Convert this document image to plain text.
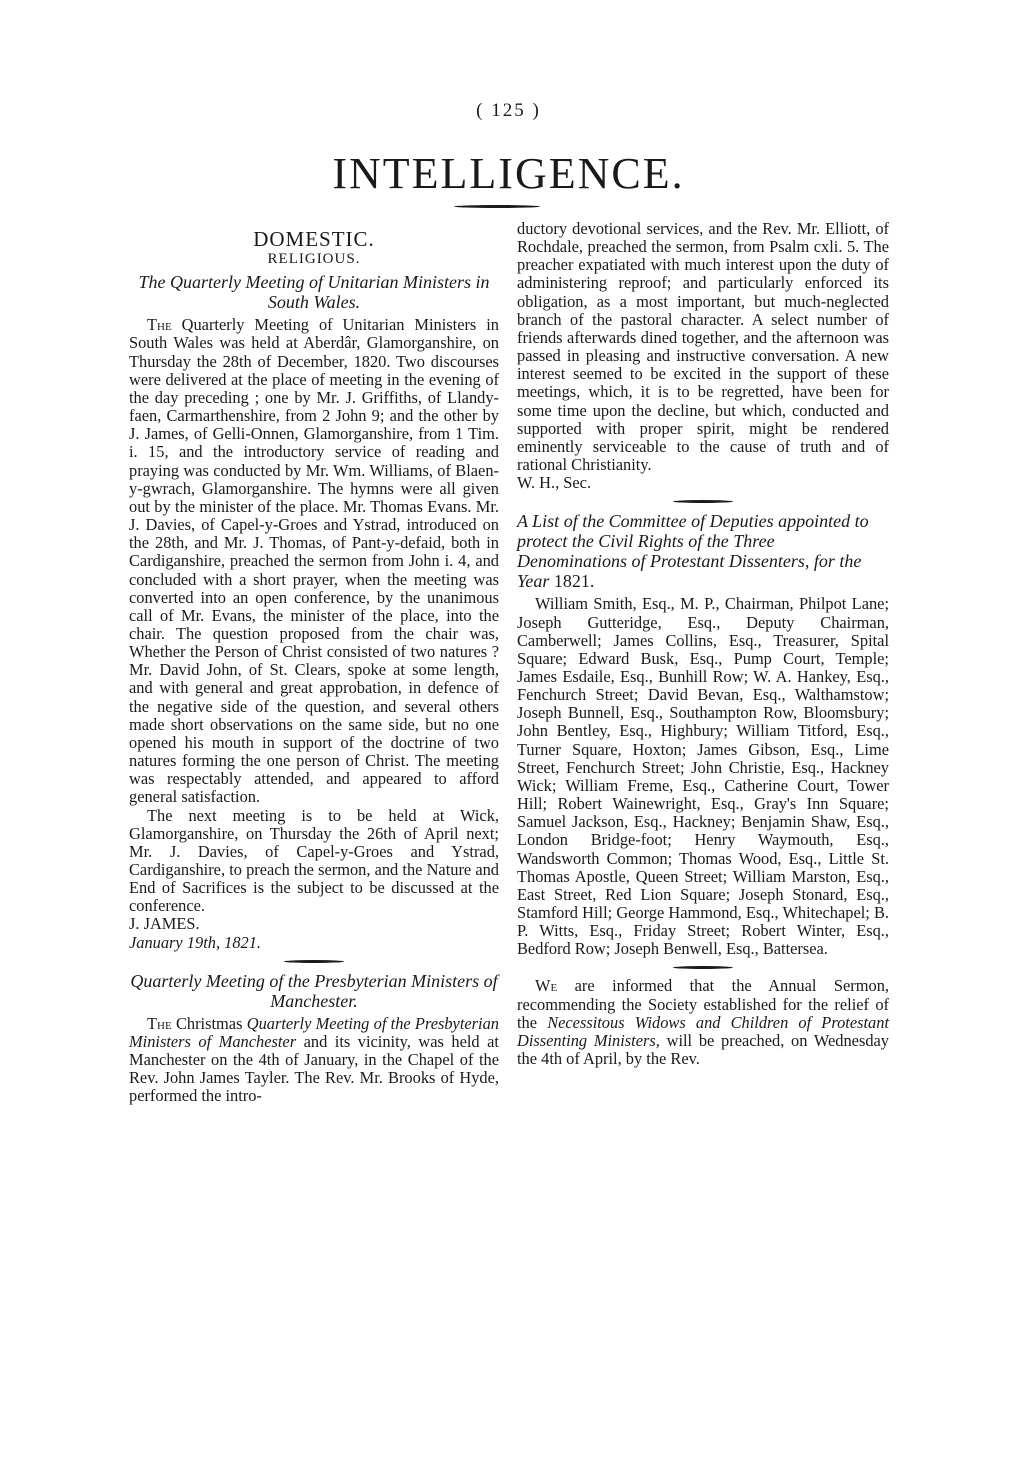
( 125 )
INTELLIGENCE.
DOMESTIC.
RELIGIOUS.
The Quarterly Meeting of Unitarian Ministers in South Wales.

The Quarterly Meeting of Unitarian Ministers in South Wales was held at Aberdâr, Glamorganshire, on Thursday the 28th of December, 1820. Two discourses were delivered at the place of meeting in the evening of the day preceding ; one by Mr. J. Griffiths, of Llandy-faen, Carmarthenshire, from 2 John 9; and the other by J. James, of Gelli-Onnen, Glamorganshire, from 1 Tim. i. 15, and the introductory service of reading and praying was conducted by Mr. Wm. Williams, of Blaen-y-gwrach, Glamorganshire. The hymns were all given out by the minister of the place. Mr. Thomas Evans. Mr. J. Davies, of Capel-y-Groes and Ystrad, introduced on the 28th, and Mr. J. Thomas, of Pant-y-defaid, both in Cardiganshire, preached the sermon from John i. 4, and concluded with a short prayer, when the meeting was converted into an open conference, by the unanimous call of Mr. Evans, the minister of the place, into the chair. The question proposed from the chair was, Whether the Person of Christ consisted of two natures ? Mr. David John, of St. Clears, spoke at some length, and with general and great approbation, in defence of the negative side of the question, and several others made short observations on the same side, but no one opened his mouth in support of the doctrine of two natures forming the one person of Christ. The meeting was respectably attended, and appeared to afford general satisfaction.

The next meeting is to be held at Wick, Glamorganshire, on Thursday the 26th of April next; Mr. J. Davies, of Capel-y-Groes and Ystrad, Cardiganshire, to preach the sermon, and the Nature and End of Sacrifices is the subject to be discussed at the conference.

J. JAMES.

January 19th, 1821.

Quarterly Meeting of the Presbyterian Ministers of Manchester.

The Christmas Quarterly Meeting of the Presbyterian Ministers of Manchester and its vicinity, was held at Manchester on the 4th of January, in the Chapel of the Rev. John James Tayler. The Rev. Mr. Brooks of Hyde, performed the intro-

ductory devotional services, and the Rev. Mr. Elliott, of Rochdale, preached the sermon, from Psalm cxli. 5. The preacher expatiated with much interest upon the duty of administering reproof; and particularly enforced its obligation, as a most important, but much-neglected branch of the pastoral character. A select number of friends afterwards dined together, and the afternoon was passed in pleasing and instructive conversation. A new interest seemed to be excited in the support of these meetings, which, it is to be regretted, have been for some time upon the decline, but which, conducted and supported with proper spirit, might be rendered eminently serviceable to the cause of truth and of rational Christianity.

W. H., Sec.

A List of the Committee of Deputies appointed to protect the Civil Rights of the Three Denominations of Protestant Dissenters, for the Year 1821.

William Smith, Esq., M. P., Chairman, Philpot Lane; Joseph Gutteridge, Esq., Deputy Chairman, Camberwell; James Collins, Esq., Treasurer, Spital Square; Edward Busk, Esq., Pump Court, Temple; James Esdaile, Esq., Bunhill Row; W. A. Hankey, Esq., Fenchurch Street; David Bevan, Esq., Walthamstow; Joseph Bunnell, Esq., Southampton Row, Bloomsbury; John Bentley, Esq., Highbury; William Titford, Esq., Turner Square, Hoxton; James Gibson, Esq., Lime Street, Fenchurch Street; John Christie, Esq., Hackney Wick; William Freme, Esq., Catherine Court, Tower Hill; Robert Wainewright, Esq., Gray's Inn Square; Samuel Jackson, Esq., Hackney; Benjamin Shaw, Esq., London Bridge-foot; Henry Waymouth, Esq., Wandsworth Common; Thomas Wood, Esq., Little St. Thomas Apostle, Queen Street; William Marston, Esq., East Street, Red Lion Square; Joseph Stonard, Esq., Stamford Hill; George Hammond, Esq., Whitechapel; B. P. Witts, Esq., Friday Street; Robert Winter, Esq., Bedford Row; Joseph Benwell, Esq., Battersea.

We are informed that the Annual Sermon, recommending the Society established for the relief of the Necessitous Widows and Children of Protestant Dissenting Ministers, will be preached, on Wednesday the 4th of April, by the Rev.
